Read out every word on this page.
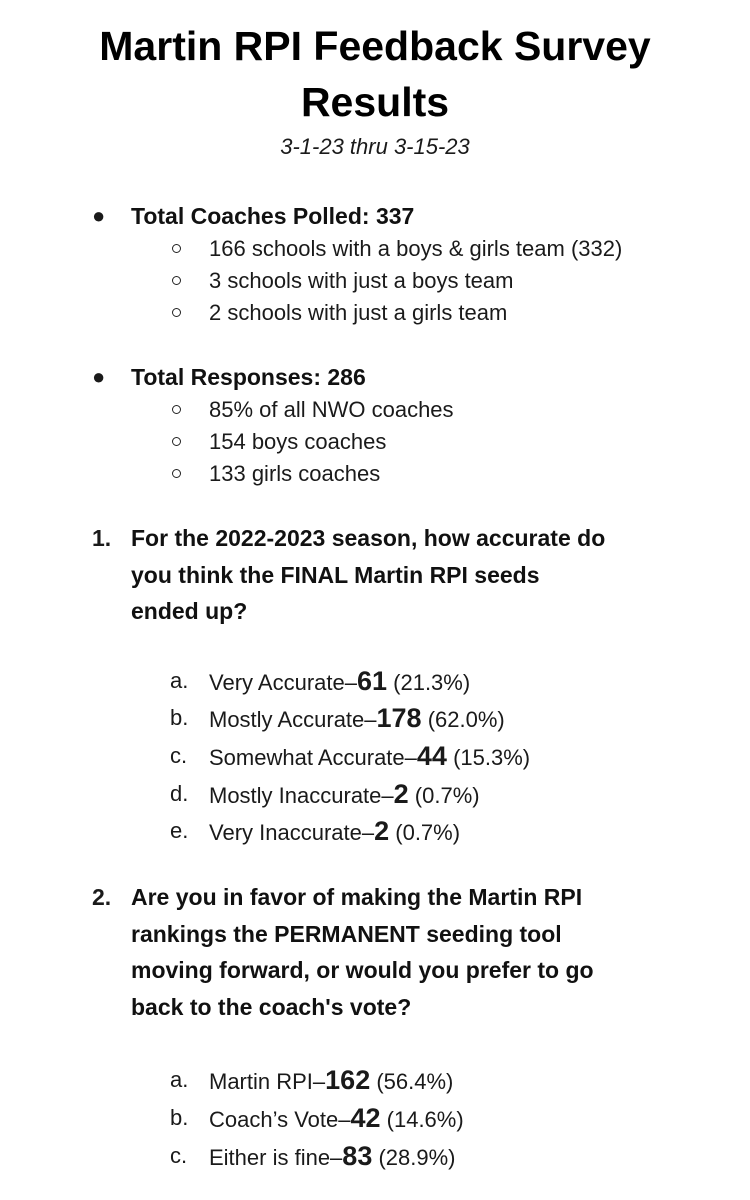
Martin RPI Feedback Survey
Results
3-1-23 thru 3-15-23
● Total Coaches Polled: 337
166 schools with a boys & girls team (332)
3 schools with just a boys team
2 schools with just a girls team
● Total Responses: 286
85% of all NWO coaches
154 boys coaches
133 girls coaches
1. For the 2022-2023 season, how accurate do
you think the FINAL Martin RPI seeds
ended up?
a. Very Accurate–61 (21.3%)
b. Mostly Accurate–178 (62.0%)
c. Somewhat Accurate–44 (15.3%)
d. Mostly Inaccurate–2 (0.7%)
e. Very Inaccurate–2 (0.7%)
2. Are you in favor of making the Martin RPI
rankings the PERMANENT seeding tool
moving forward, or would you prefer to go
back to the coach's vote?
a. Martin RPI–162 (56.4%)
b. Coach’s Vote–42 (14.6%)
c. Either is fine–83 (28.9%)
